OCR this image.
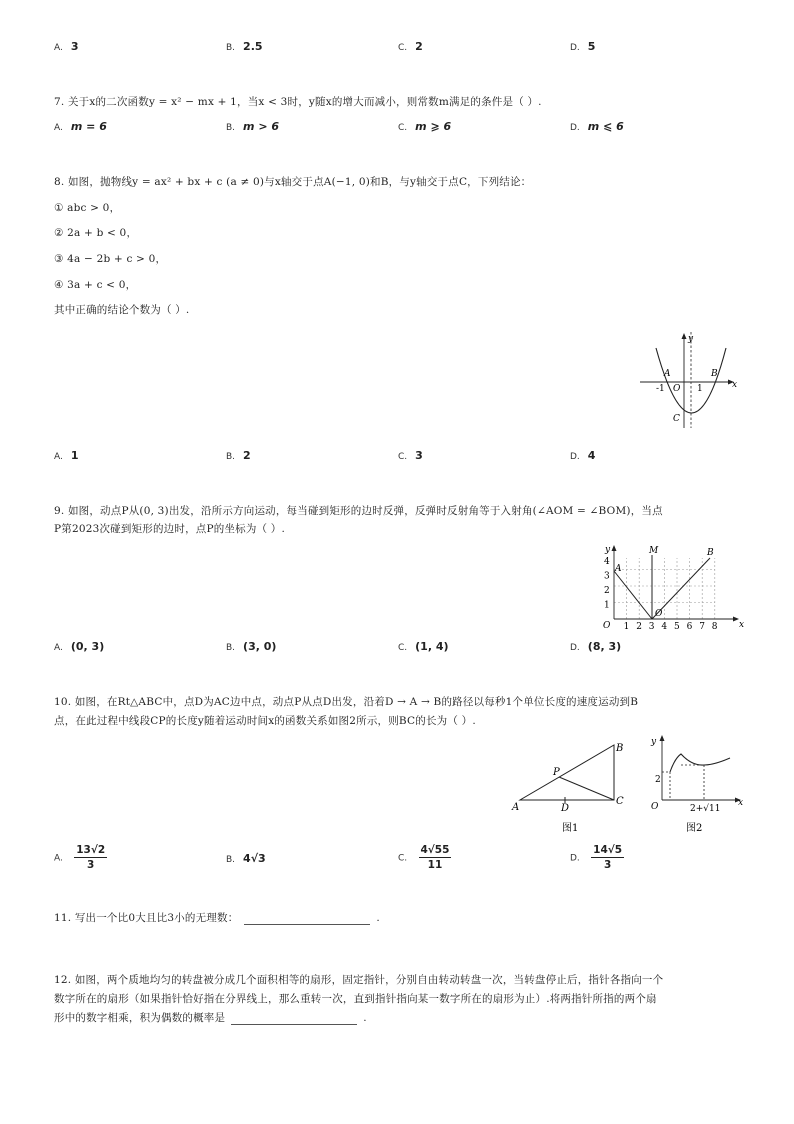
A. 3	B. 2.5	C. 2	D. 5
7. 关于x的二次函数y = x² − mx + 1，当x < 3时，y随x的增大而减小，则常数m满足的条件是（ ）.
A. m = 6	B. m > 6	C. m ⩾ 6	D. m ⩽ 6
8. 如图，抛物线y = ax² + bx + c (a ≠ 0)与x轴交于点A(−1, 0)和B，与y轴交于点C，下列结论：
① abc > 0，
② 2a + b < 0，
③ 4a − 2b + c > 0，
④ 3a + c < 0，
其中正确的结论个数为（ ）.
y
x
A	B
C
O
-1	1
A. 1	B. 2	C. 3	D. 4
9. 如图，动点P从(0, 3)出发，沿所示方向运动，每当碰到矩形的边时反弹，反弹时反射角等于入射角(∠AOM = ∠BOM)，当点
P第2023次碰到矩形的边时，点P的坐标为（ ）.
y
x
O
A
M	B
O
1 2 3 4 5 6 7 8
1
2
3
4
A. (0, 3)	B. (3, 0)	C. (1, 4)	D. (8, 3)
10. 如图，在Rt△ABC中，点D为AC边中点，动点P从点D出发，沿着D → A → B的路径以每秒1个单位长度的速度运动到B
点，在此过程中线段CP的长度y随着运动时间x的函数关系如图2所示，则BC的长为（ ）.
A
B
C
D
P
图1
y
x
O
2
2+√11
图2
A. $\frac{13√2}{3}$	B. 4√3	C. $\frac{4√55}{11}$	D. $\frac{14√5}{3}$
11. 写出一个比0大且比3小的无理数：	.
12. 如图，两个质地均匀的转盘被分成几个面积相等的扇形，固定指针，分别自由转动转盘一次，当转盘停止后，指针各指向一个
数字所在的扇形（如果指针恰好指在分界线上，那么重转一次，直到指针指向某一数字所在的扇形为止）.将两指针所指的两个扇
形中的数字相乘，积为偶数的概率是	.
